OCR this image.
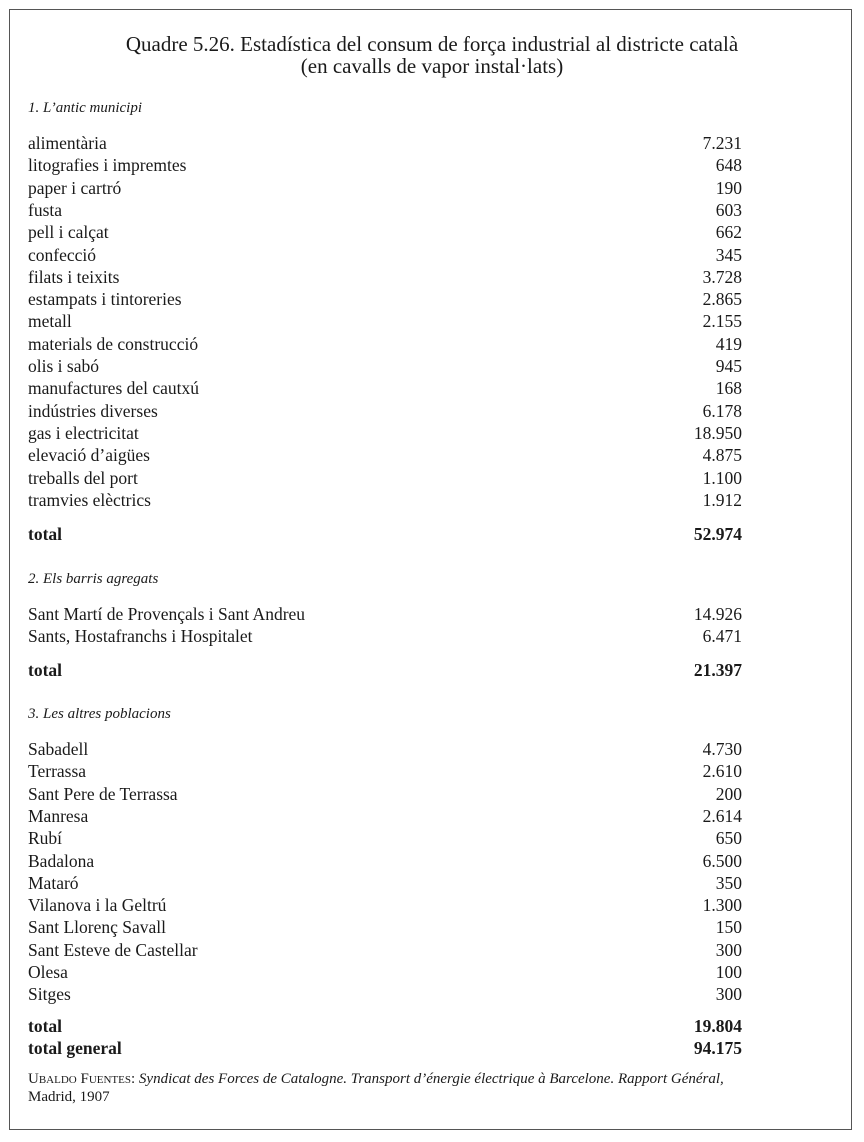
Quadre 5.26. Estadística del consum de força industrial al districte català
(en cavalls de vapor instal·lats)
1. L’antic municipi
alimentària	7.231
litografies i impremtes	648
paper i cartró	190
fusta	603
pell i calçat	662
confecció	345
filats i teixits	3.728
estampats i tintoreries	2.865
metall	2.155
materials de construcció	419
olis i sabó	945
manufactures del cautxú	168
indústries diverses	6.178
gas i electricitat	18.950
elevació d’aigües	4.875
treballs del port	1.100
tramvies elèctrics	1.912
total	52.974
2. Els barris agregats
Sant Martí de Provençals i Sant Andreu	14.926
Sants, Hostafranchs i Hospitalet	6.471
total	21.397
3. Les altres poblacions
Sabadell	4.730
Terrassa	2.610
Sant Pere de Terrassa	200
Manresa	2.614
Rubí	650
Badalona	6.500
Mataró	350
Vilanova i la Geltrú	1.300
Sant Llorenç Savall	150
Sant Esteve de Castellar	300
Olesa	100
Sitges	300
total	19.804
total general	94.175
Ubaldo Fuentes: Syndicat des Forces de Catalogne. Transport d’énergie électrique à Barcelone. Rapport Général,
Madrid, 1907
